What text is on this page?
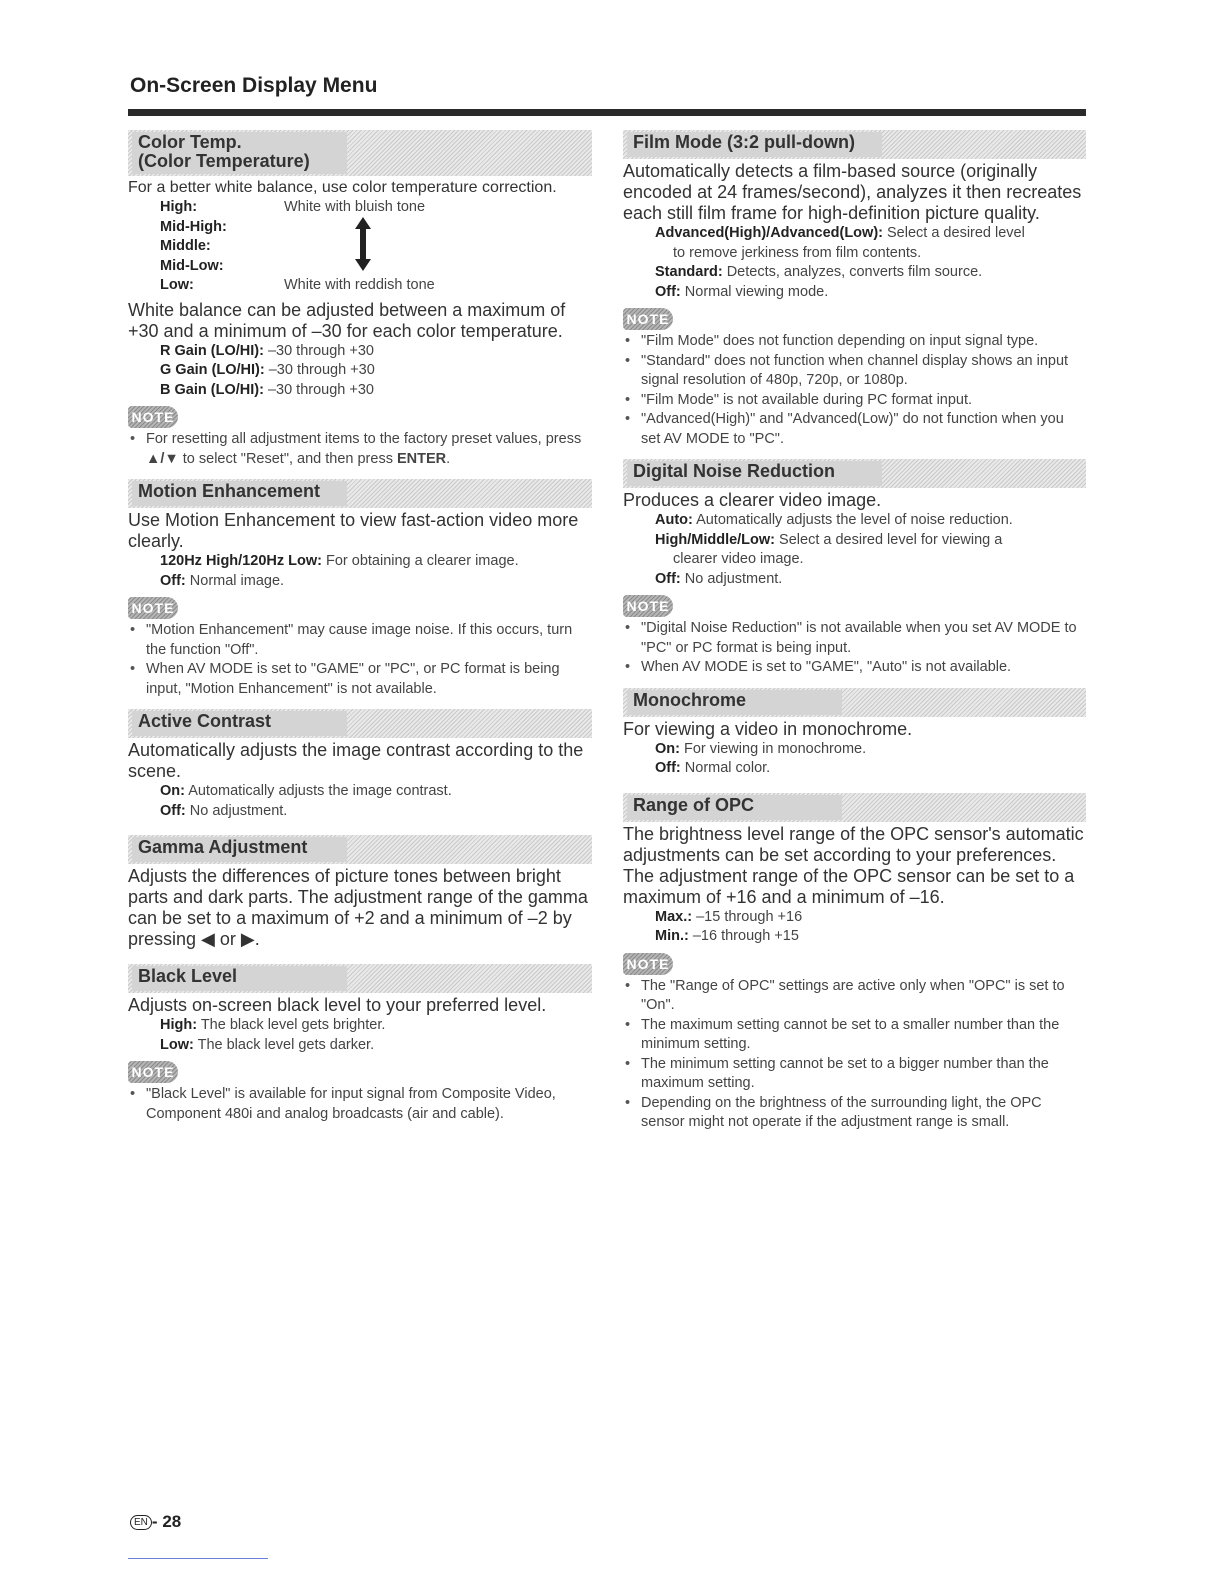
On-Screen Display Menu
Color Temp.
(Color Temperature)
For a better white balance, use color temperature correction.
High:	White with bluish tone
Mid-High:
Middle:
Mid-Low:
Low:	White with reddish tone
White balance can be adjusted between a maximum of +30 and a minimum of –30 for each color temperature.
R Gain (LO/HI): –30 through +30
G Gain (LO/HI): –30 through +30
B Gain (LO/HI): –30 through +30
NOTE
• For resetting all adjustment items to the factory preset values, press ▲/▼ to select "Reset", and then press ENTER.
Motion Enhancement
Use Motion Enhancement to view fast-action video more clearly.
120Hz High/120Hz Low: For obtaining a clearer image.
Off: Normal image.
NOTE
• "Motion Enhancement" may cause image noise. If this occurs, turn the function "Off".
• When AV MODE is set to "GAME" or "PC", or PC format is being input, "Motion Enhancement" is not available.
Active Contrast
Automatically adjusts the image contrast according to the scene.
On: Automatically adjusts the image contrast.
Off: No adjustment.
Gamma Adjustment
Adjusts the differences of picture tones between bright parts and dark parts. The adjustment range of the gamma can be set to a maximum of +2 and a minimum of –2 by pressing ◀ or ▶.
Black Level
Adjusts on-screen black level to your preferred level.
High: The black level gets brighter.
Low: The black level gets darker.
NOTE
• "Black Level" is available for input signal from Composite Video, Component 480i and analog broadcasts (air and cable).
Film Mode (3:2 pull-down)
Automatically detects a film-based source (originally encoded at 24 frames/second), analyzes it then recreates each still film frame for high-definition picture quality.
Advanced(High)/Advanced(Low): Select a desired level
to remove jerkiness from film contents.
Standard: Detects, analyzes, converts film source.
Off: Normal viewing mode.
NOTE
• "Film Mode" does not function depending on input signal type.
• "Standard" does not function when channel display shows an input signal resolution of 480p, 720p, or 1080p.
• "Film Mode" is not available during PC format input.
• "Advanced(High)" and "Advanced(Low)" do not function when you set AV MODE to "PC".
Digital Noise Reduction
Produces a clearer video image.
Auto: Automatically adjusts the level of noise reduction.
High/Middle/Low: Select a desired level for viewing a
clearer video image.
Off: No adjustment.
NOTE
• "Digital Noise Reduction" is not available when you set AV MODE to "PC" or PC format is being input.
• When AV MODE is set to "GAME", "Auto" is not available.
Monochrome
For viewing a video in monochrome.
On: For viewing in monochrome.
Off: Normal color.
Range of OPC
The brightness level range of the OPC sensor's automatic adjustments can be set according to your preferences. The adjustment range of the OPC sensor can be set to a maximum of +16 and a minimum of –16.
Max.: –15 through +16
Min.: –16 through +15
NOTE
• The "Range of OPC" settings are active only when "OPC" is set to "On".
• The maximum setting cannot be set to a smaller number than the minimum setting.
• The minimum setting cannot be set to a bigger number than the maximum setting.
• Depending on the brightness of the surrounding light, the OPC sensor might not operate if the adjustment range is small.
EN - 28
